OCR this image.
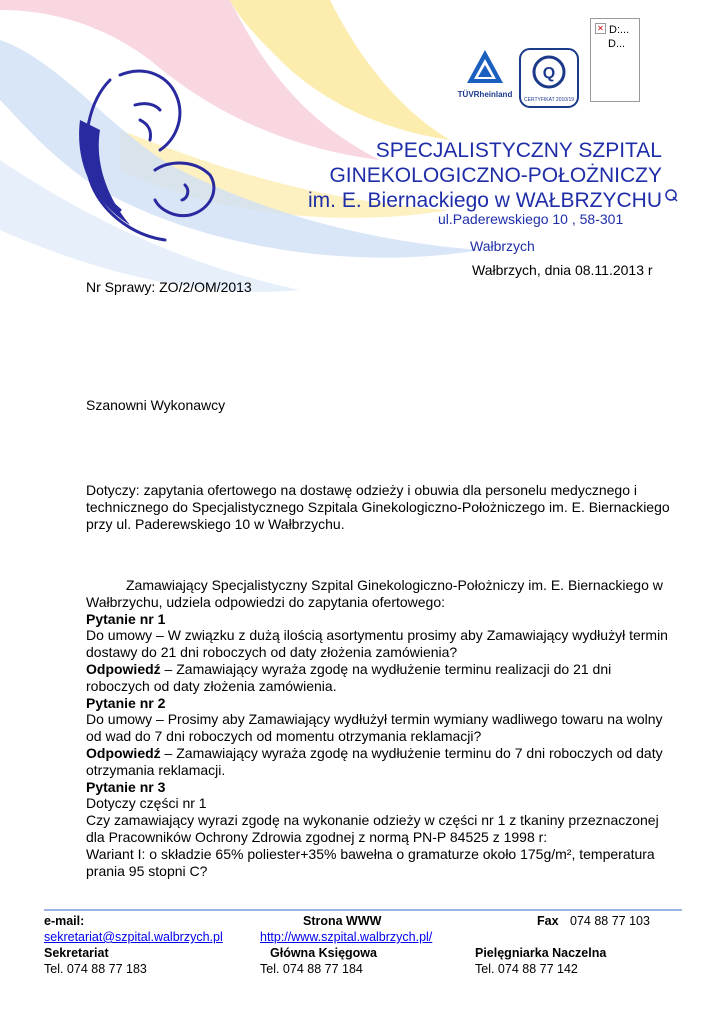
✕ D:...
D...
TÜVRheinland
Q
CERTYFIKAT 2010/19
SPECJALISTYCZNY SZPITAL
GINEKOLOGICZNO-POŁOŻNICZY
im. E. Biernackiego w WAŁBRZYCHU
ul.Paderewskiego 10 , 58-301
Wałbrzych
Wałbrzych, dnia 08.11.2013 r
Nr Sprawy: ZO/2/OM/2013
Szanowni Wykonawcy
Dotyczy: zapytania ofertowego na dostawę odzieży i obuwia dla personelu medycznego i technicznego do Specjalistycznego Szpitala Ginekologiczno-Położniczego im. E. Biernackiego przy ul. Paderewskiego 10 w Wałbrzychu.

Zamawiający Specjalistyczny Szpital Ginekologiczno-Położniczy im. E. Biernackiego w Wałbrzychu, udziela odpowiedzi do zapytania ofertowego:

Pytanie nr 1

Do umowy – W związku z dużą ilością asortymentu prosimy aby Zamawiający wydłużył termin dostawy do 21 dni roboczych od daty złożenia zamówienia?

Odpowiedź – Zamawiający wyraża zgodę na wydłużenie terminu realizacji do 21 dni roboczych od daty złożenia zamówienia.

Pytanie nr 2

Do umowy – Prosimy aby Zamawiający wydłużył termin wymiany wadliwego towaru na wolny od wad do 7 dni roboczych od momentu otrzymania reklamacji?

Odpowiedź – Zamawiający wyraża zgodę na wydłużenie terminu do 7 dni roboczych od daty otrzymania reklamacji.

Pytanie nr 3

Dotyczy części nr 1

Czy zamawiający wyrazi zgodę na wykonanie odzieży w części nr 1 z tkaniny przeznaczonej dla Pracowników Ochrony Zdrowia zgodnej z normą PN-P 84525 z 1998 r:

Wariant I: o składzie 65% poliester+35% bawełna o gramaturze około 175g/m², temperatura prania 95 stopni C?

e-mail:	Strona WWW	Fax 074 88 77 103
sekretariat@szpital.walbrzych.pl	http://www.szpital.walbrzych.pl/
Sekretariat	Główna Księgowa	Pielęgniarka Naczelna
Tel. 074 88 77 183	Tel. 074 88 77 184	Tel. 074 88 77 142
